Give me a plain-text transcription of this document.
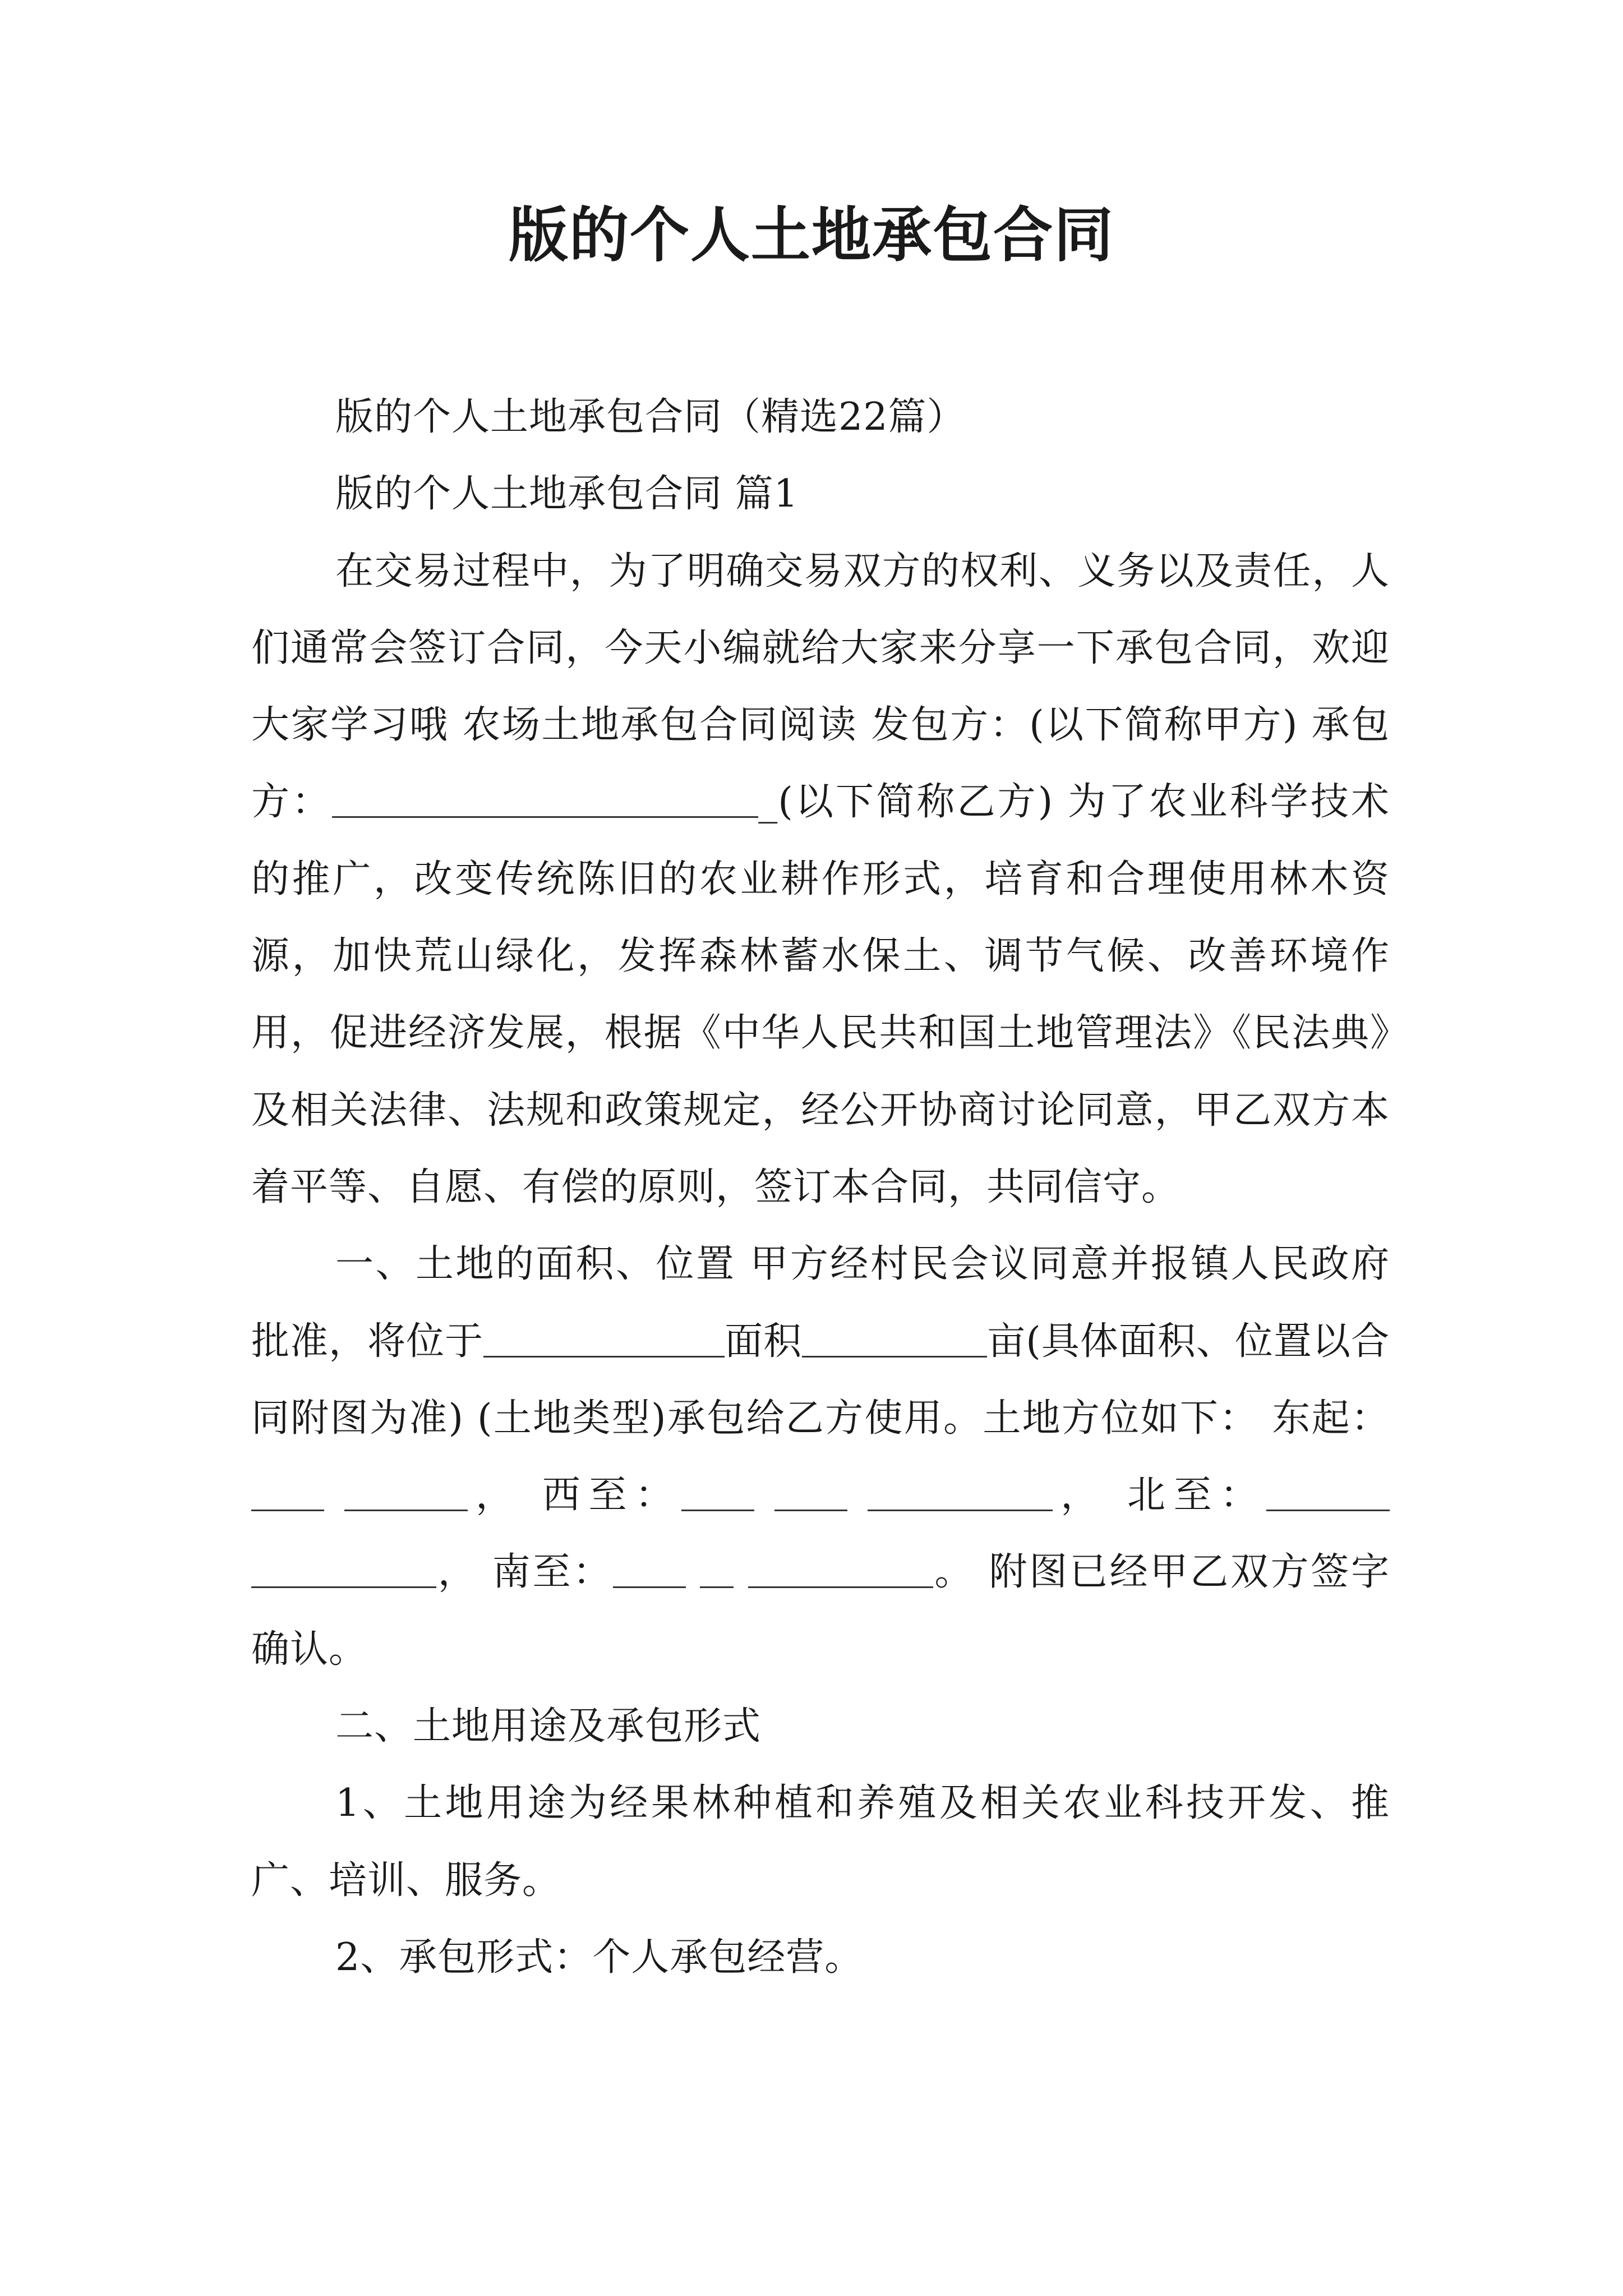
版的个人土地承包合同

版的个人土地承包合同（精选22篇）

版的个人土地承包合同 篇1

在交易过程中，为了明确交易双方的权利、义务以及责任，人们通常会签订合同，今天小编就给大家来分享一下承包合同，欢迎大家学习哦 农场土地承包合同阅读 发包方：(以下简称甲方) 承包方：	_(以下简称乙方) 为了农业科学技术的推广，改变传统陈旧的农业耕作形式，培育和合理使用林木资源，加快荒山绿化，发挥森林蓄水保土、调节气候、改善环境作用，促进经济发展，根据《中华人民共和国土地管理法》《民法典》及相关法律、法规和政策规定，经公开协商讨论同意，甲乙双方本着平等、自愿、有偿的原则，签订本合同，共同信守。

一、土地的面积、位置 甲方经村民会议同意并报镇人民政府批准，将位于	面积	亩(具体面积、位置以合同附图为准) (土地类型)承包给乙方使用。土地方位如下： 东起： ， 西至：	， 北至： ， 南至：	。 附图已经甲乙双方签字确认。

二、土地用途及承包形式

1、土地用途为经果林种植和养殖及相关农业科技开发、推广、培训、服务。

2、承包形式：个人承包经营。
